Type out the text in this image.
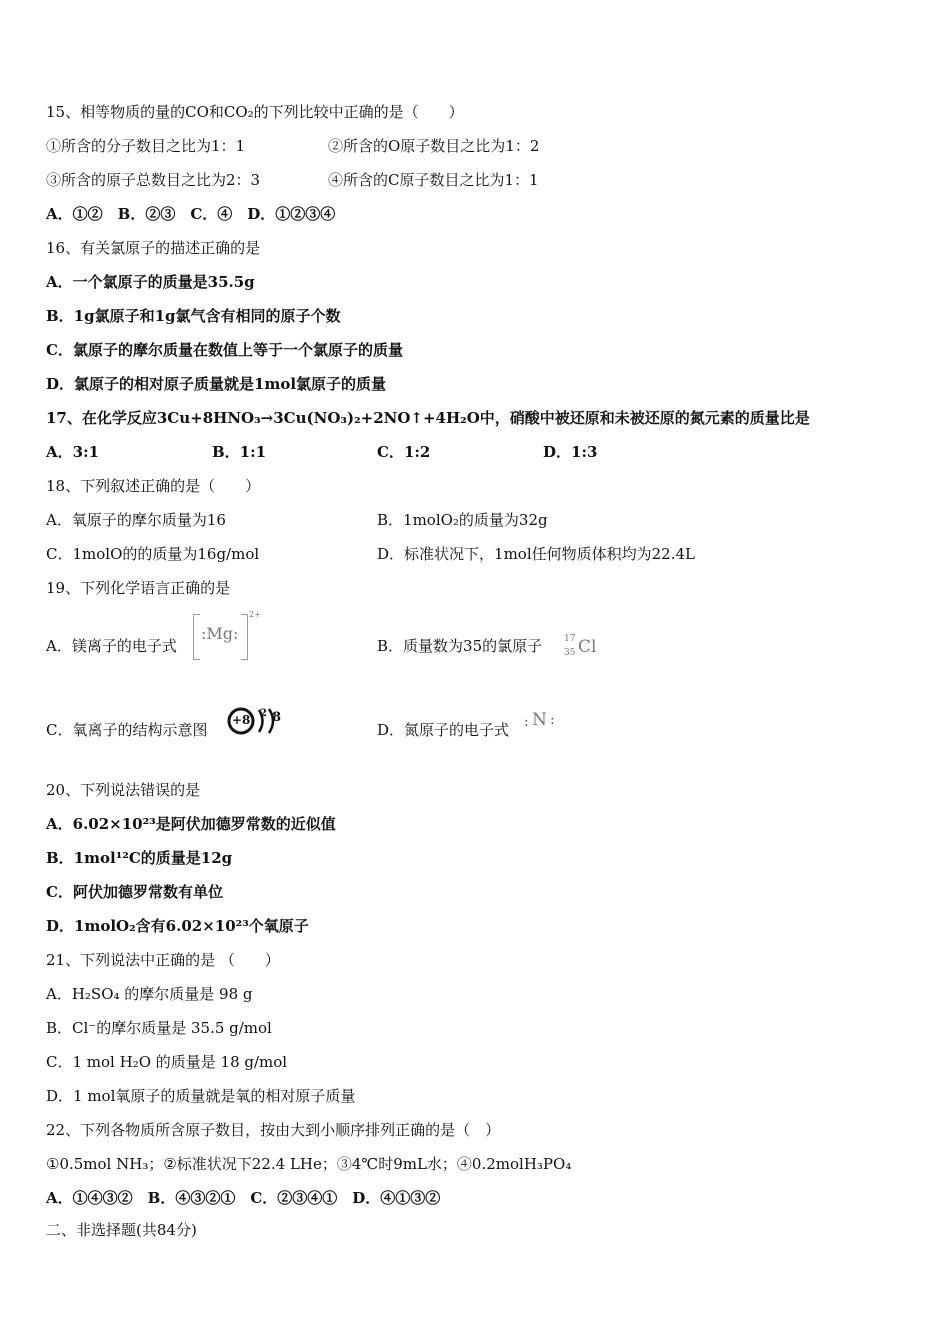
15、相等物质的量的CO和CO₂的下列比较中正确的是（　　）
①所含的分子数目之比为1：1	②所含的O原子数目之比为1：2
③所含的原子总数目之比为2：3	④所含的C原子数目之比为1：1
A．①②　B．②③　C．④　D．①②③④
16、有关氯原子的描述正确的是
A．一个氯原子的质量是35.5g
B．1g氯原子和1g氯气含有相同的原子个数
C．氯原子的摩尔质量在数值上等于一个氯原子的质量
D．氯原子的相对原子质量就是1mol氯原子的质量
17、在化学反应3Cu+8HNO₃→3Cu(NO₃)₂+2NO↑+4H₂O中，硝酸中被还原和未被还原的氮元素的质量比是
A．3:1	B．1:1	C．1:2	D．1:3
18、下列叙述正确的是（　　）
A．氧原子的摩尔质量为16	B．1molO₂的质量为32g
C．1molO的的质量为16g/mol	D．标准状况下，1mol任何物质体积均为22.4L
19、下列化学语言正确的是
A．镁离子的电子式
:Mg:
2+
B．质量数为35的氯原子 17
35 Cl
C．氧离子的结构示意图
+8 2 8
D．氮原子的电子式 : N :
20、下列说法错误的是
A．6.02×10²³是阿伏加德罗常数的近似值
B．1mol¹²C的质量是12g
C．阿伏加德罗常数有单位
D．1molO₂含有6.02×10²³个氧原子
21、下列说法中正确的是 （　　）
A．H₂SO₄ 的摩尔质量是 98 g
B．Cl⁻的摩尔质量是 35.5 g/mol
C．1 mol H₂O 的质量是 18 g/mol
D．1 mol氧原子的质量就是氧的相对原子质量
22、下列各物质所含原子数目，按由大到小顺序排列正确的是（　）
①0.5mol NH₃；②标准状况下22.4 LHe；③4℃时9mL水；④0.2molH₃PO₄
A．①④③②　B．④③②①　C．②③④①　D．④①③②
二、非选择题(共84分)
